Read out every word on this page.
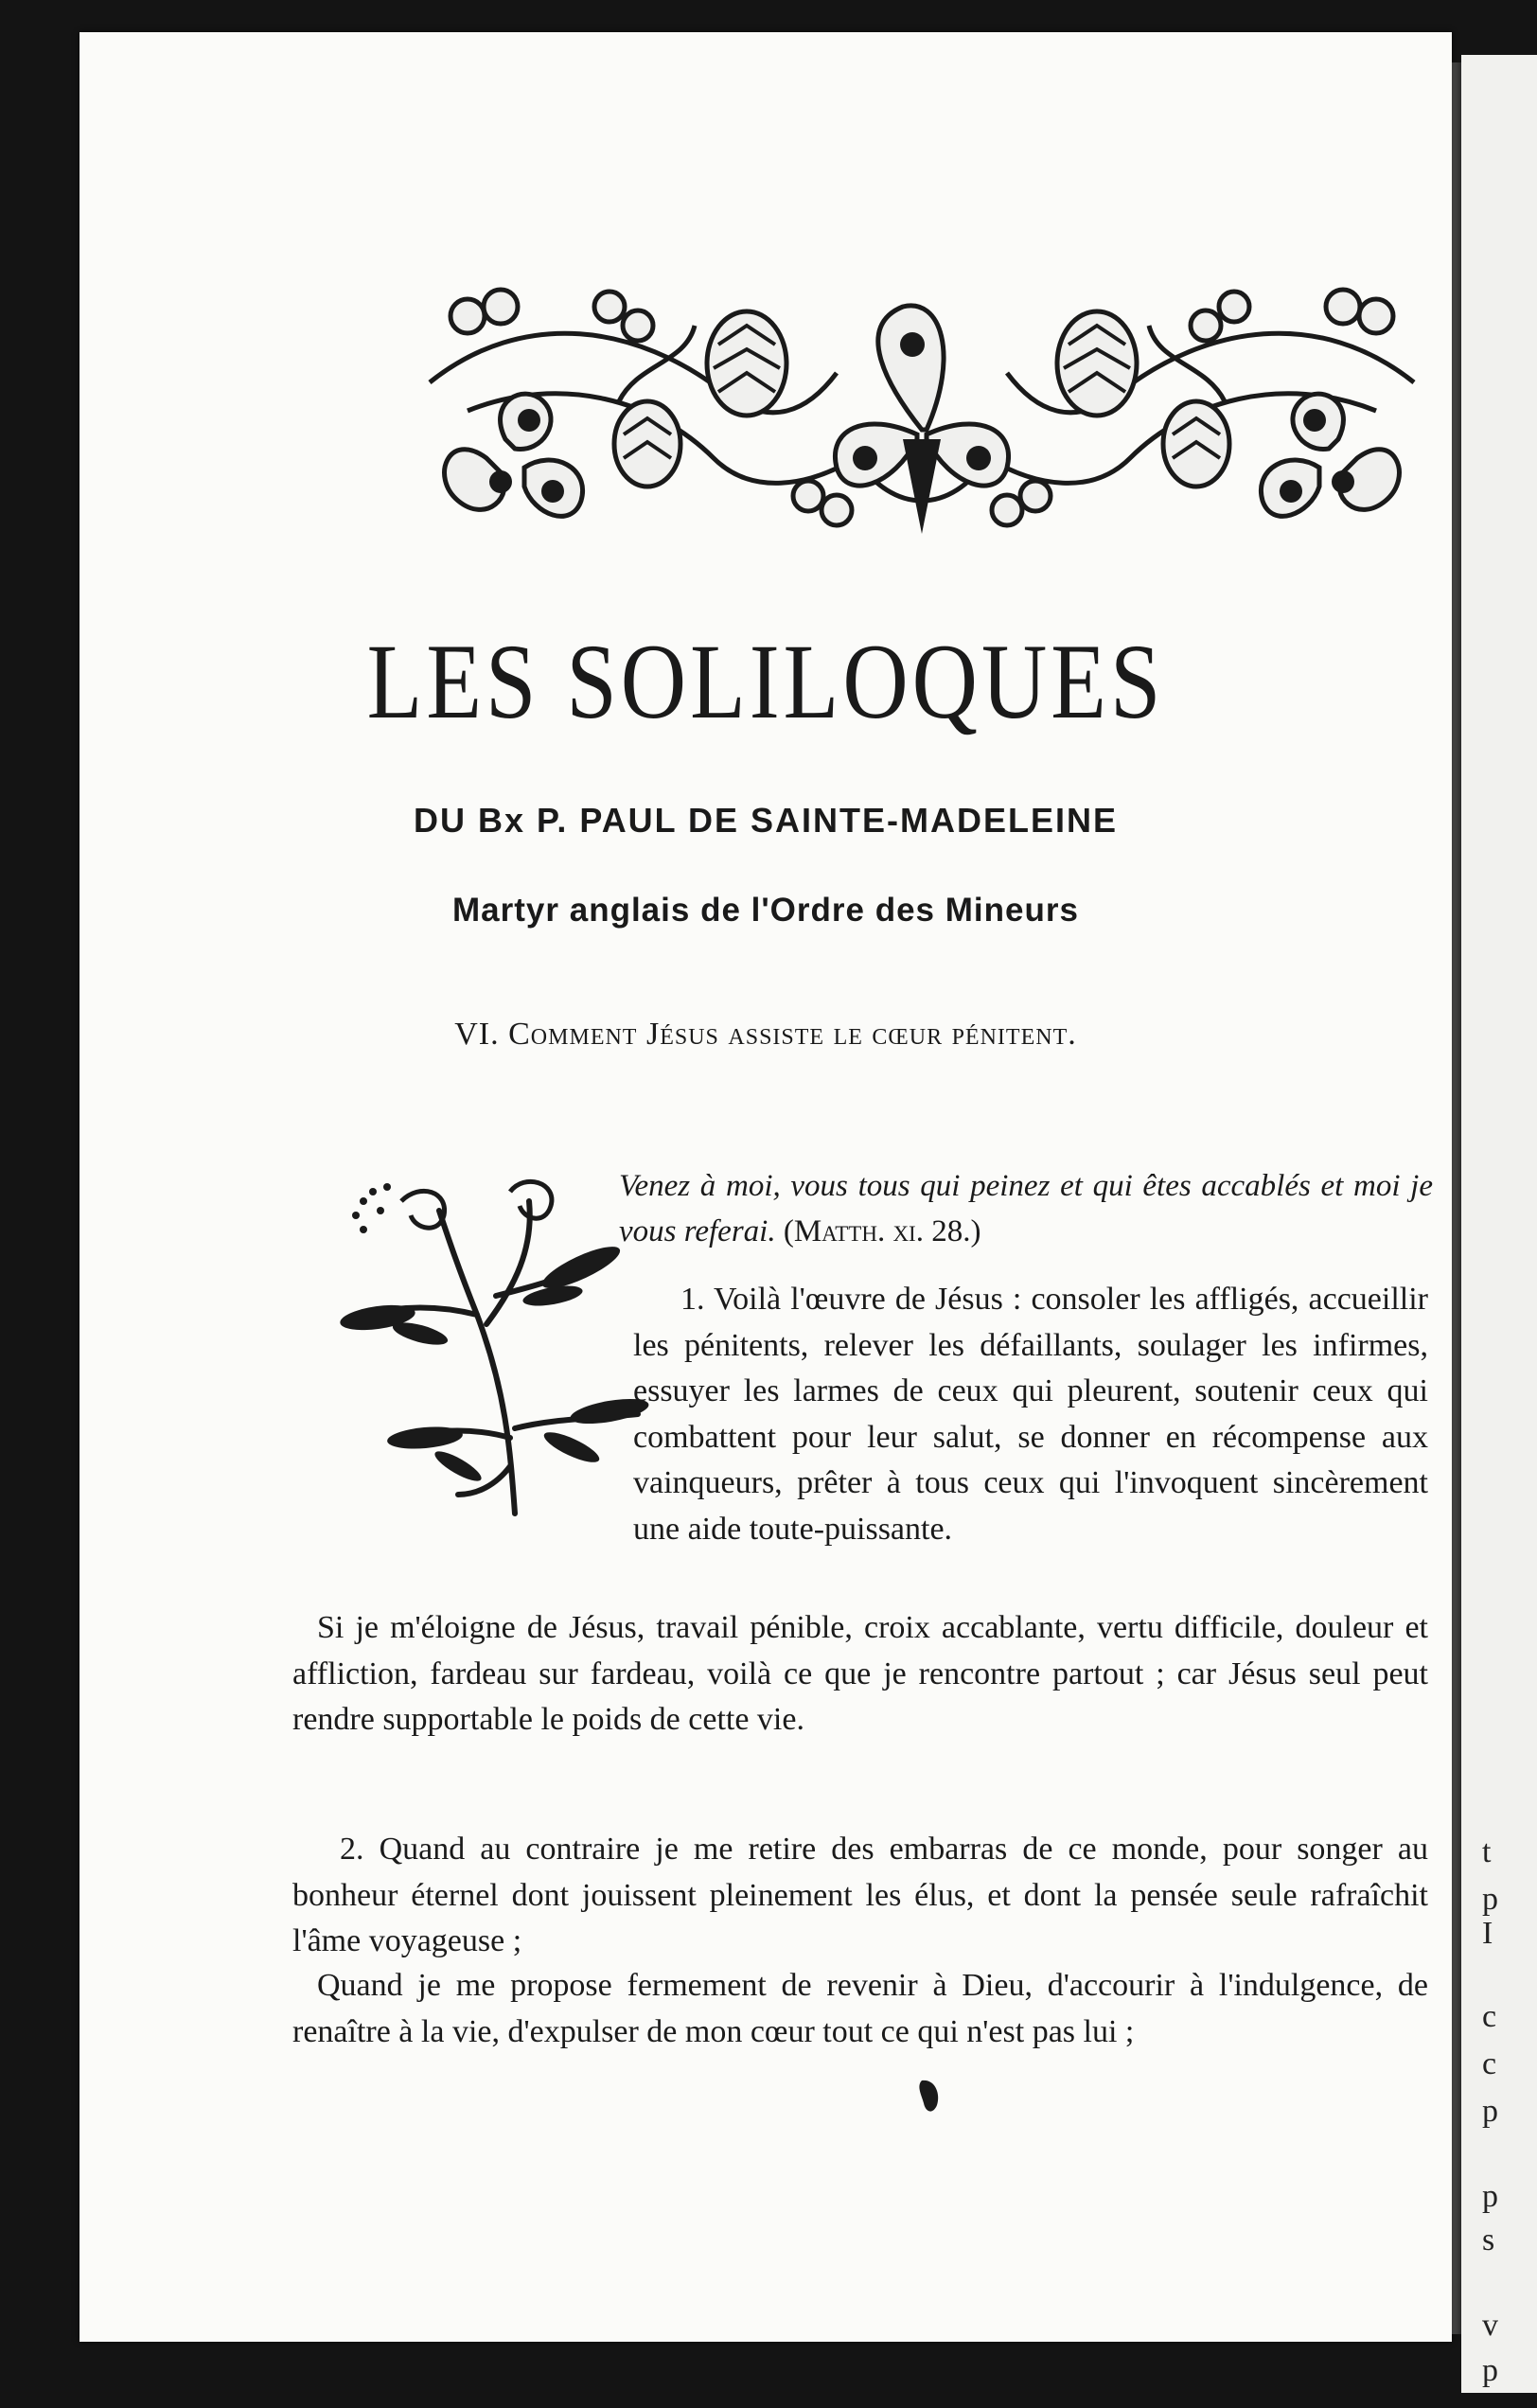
t
p
I
c
c
p
p
s
v
p
LES SOLILOQUES
DU Bx P. PAUL DE SAINTE-MADELEINE
Martyr anglais de l'Ordre des Mineurs
VI. Comment Jésus assiste le cœur pénitent.
Venez à moi, vous tous qui peinez et qui êtes accablés et moi je vous referai. (Matth. xi. 28.)
1. Voilà l'œuvre de Jésus : consoler les affligés, accueillir les pénitents, relever les défaillants, soulager les infirmes, essuyer les larmes de ceux qui pleurent, soutenir ceux qui combattent pour leur salut, se donner en récompense aux vainqueurs, prêter à tous ceux qui l'invoquent sincèrement une aide toute-puissante.
Si je m'éloigne de Jésus, travail pénible, croix accablante, vertu difficile, douleur et affliction, fardeau sur fardeau, voilà ce que je rencontre partout ; car Jésus seul peut rendre supportable le poids de cette vie.
2. Quand au contraire je me retire des embarras de ce monde, pour songer au bonheur éternel dont jouissent pleinement les élus, et dont la pensée seule rafraîchit l'âme voyageuse ;
Quand je me propose fermement de revenir à Dieu, d'accourir à l'indulgence, de renaître à la vie, d'expulser de mon cœur tout ce qui n'est pas lui ;
